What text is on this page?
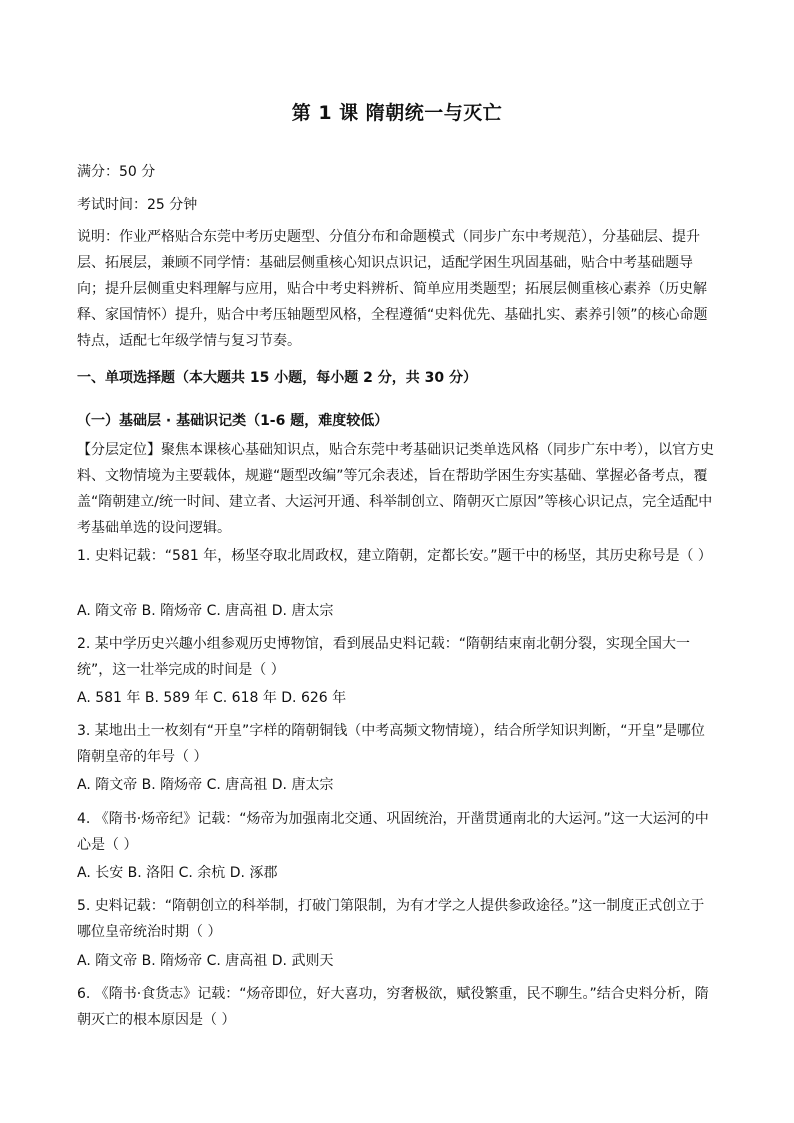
第 1 课 隋朝统一与灭亡
满分：50 分
考试时间：25 分钟
说明：作业严格贴合东莞中考历史题型、分值分布和命题模式（同步广东中考规范），分基础层、提升层、拓展层，兼顾不同学情：基础层侧重核心知识点识记，适配学困生巩固基础，贴合中考基础题导向；提升层侧重史料理解与应用，贴合中考史料辨析、简单应用类题型；拓展层侧重核心素养（历史解释、家国情怀）提升，贴合中考压轴题型风格，全程遵循“史料优先、基础扎实、素养引领”的核心命题特点，适配七年级学情与复习节奏。
一、单项选择题（本大题共 15 小题，每小题 2 分，共 30 分）
（一）基础层 · 基础识记类（1-6 题，难度较低）
【分层定位】聚焦本课核心基础知识点，贴合东莞中考基础识记类单选风格（同步广东中考），以官方史料、文物情境为主要载体，规避“题型改编”等冗余表述，旨在帮助学困生夯实基础、掌握必备考点，覆盖“隋朝建立/统一时间、建立者、大运河开通、科举制创立、隋朝灭亡原因”等核心识记点，完全适配中考基础单选的设问逻辑。
1. 史料记载：“581 年，杨坚夺取北周政权，建立隋朝，定都长安。”题干中的杨坚，其历史称号是（ ）
A. 隋文帝 B. 隋炀帝 C. 唐高祖 D. 唐太宗
2. 某中学历史兴趣小组参观历史博物馆，看到展品史料记载：“隋朝结束南北朝分裂，实现全国大一统”，这一壮举完成的时间是（ ）
A. 581 年 B. 589 年 C. 618 年 D. 626 年
3. 某地出土一枚刻有“开皇”字样的隋朝铜钱（中考高频文物情境），结合所学知识判断，“开皇”是哪位隋朝皇帝的年号（ ）
A. 隋文帝 B. 隋炀帝 C. 唐高祖 D. 唐太宗
4. 《隋书·炀帝纪》记载：“炀帝为加强南北交通、巩固统治，开凿贯通南北的大运河。”这一大运河的中心是（ ）
A. 长安 B. 洛阳 C. 余杭 D. 涿郡
5. 史料记载：“隋朝创立的科举制，打破门第限制，为有才学之人提供参政途径。”这一制度正式创立于哪位皇帝统治时期（ ）
A. 隋文帝 B. 隋炀帝 C. 唐高祖 D. 武则天
6. 《隋书·食货志》记载：“炀帝即位，好大喜功，穷奢极欲，赋役繁重，民不聊生。”结合史料分析，隋朝灭亡的根本原因是（ ）
